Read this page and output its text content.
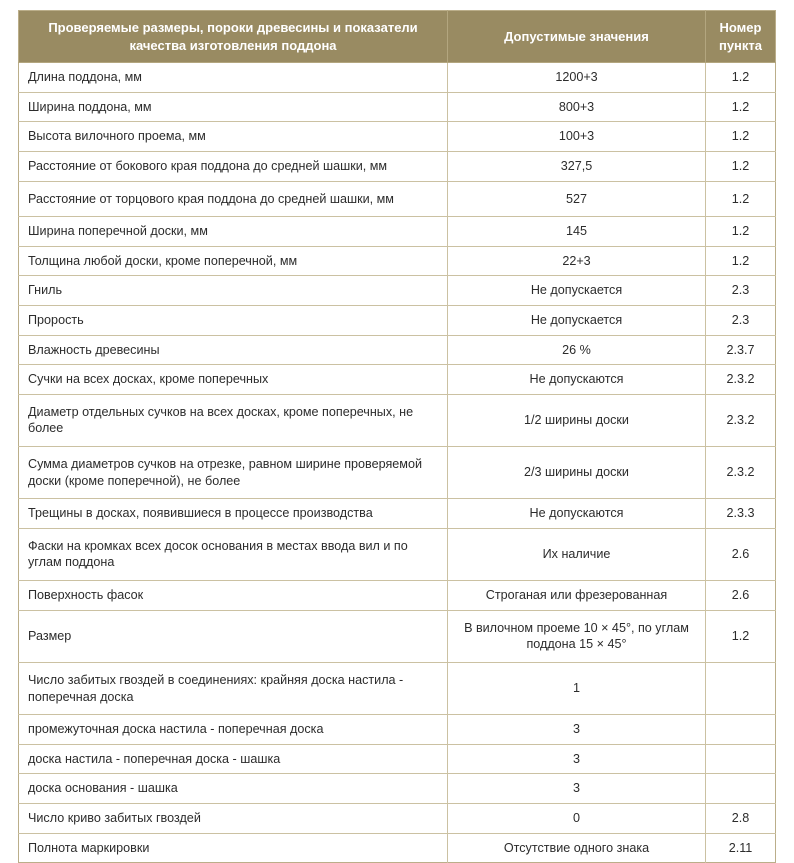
Проверяемые размеры, пороки древесины и показатели качества изготовления поддона	Допустимые значения	Номер пункта
Длина поддона, мм	1200+3	1.2
Ширина поддона, мм	800+3	1.2
Высота вилочного проема, мм	100+3	1.2
Расстояние от бокового края поддона до средней шашки, мм	327,5	1.2
Расстояние от торцового края поддона до средней шашки, мм	527	1.2
Ширина поперечной доски, мм	145	1.2
Толщина любой доски, кроме поперечной, мм	22+3	1.2
Гниль	Не допускается	2.3
Прорость	Не допускается	2.3
Влажность древесины	26 %	2.3.7
Сучки на всех досках, кроме поперечных	Не допускаются	2.3.2
Диаметр отдельных сучков на всех досках, кроме поперечных, не более	1/2 ширины доски	2.3.2
Сумма диаметров сучков на отрезке, равном ширине проверяемой доски (кроме поперечной), не более	2/3 ширины доски	2.3.2
Трещины в досках, появившиеся в процессе производства	Не допускаются	2.3.3
Фаски на кромках всех досок основания в местах ввода вил и по углам поддона	Их наличие	2.6
Поверхность фасок	Строганая или фрезерованная	2.6
Размер	В вилочном проеме 10 × 45°, по углам поддона 15 × 45°	1.2
Число забитых гвоздей в соединениях: крайняя доска настила - поперечная доска	1	
промежуточная доска настила - поперечная доска	3	
доска настила - поперечная доска - шашка	3	
доска основания - шашка	3	
Число криво забитых гвоздей	0	2.8
Полнота маркировки	Отсутствие одного знака	2.11
